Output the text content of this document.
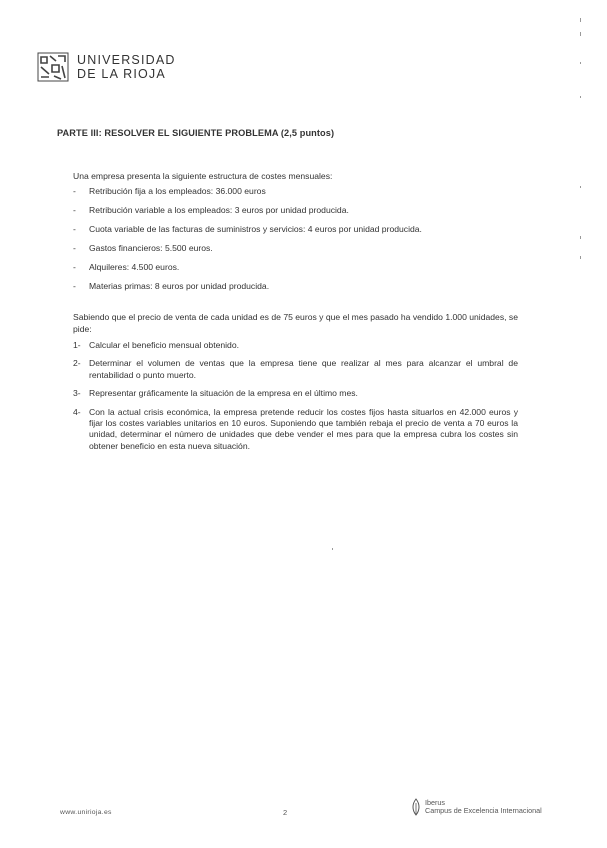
UNIVERSIDAD
DE LA RIOJA
PARTE III: RESOLVER EL SIGUIENTE PROBLEMA (2,5 puntos)
Una empresa presenta la siguiente estructura de costes mensuales:
- Retribución fija a los empleados: 36.000 euros
- Retribución variable a los empleados: 3 euros por unidad producida.
- Cuota variable de las facturas de suministros y servicios: 4 euros por unidad producida.
- Gastos financieros: 5.500 euros.
- Alquileres: 4.500 euros.
- Materias primas: 8 euros por unidad producida.
Sabiendo que el precio de venta de cada unidad es de 75 euros y que el mes pasado ha vendido 1.000 unidades, se pide:
1- Calcular el beneficio mensual obtenido.
2- Determinar el volumen de ventas que la empresa tiene que realizar al mes para alcanzar el umbral de rentabilidad o punto muerto.
3- Representar gráficamente la situación de la empresa en el último mes.
4- Con la actual crisis económica, la empresa pretende reducir los costes fijos hasta situarlos en 42.000 euros y fijar los costes variables unitarios en 10 euros. Suponiendo que también rebaja el precio de venta a 70 euros la unidad, determinar el número de unidades que debe vender el mes para que la empresa cubra los costes sin obtener beneficio en esta nueva situación.
www.unirioja.es	2
Iberus
Campus de Excelencia Internacional
